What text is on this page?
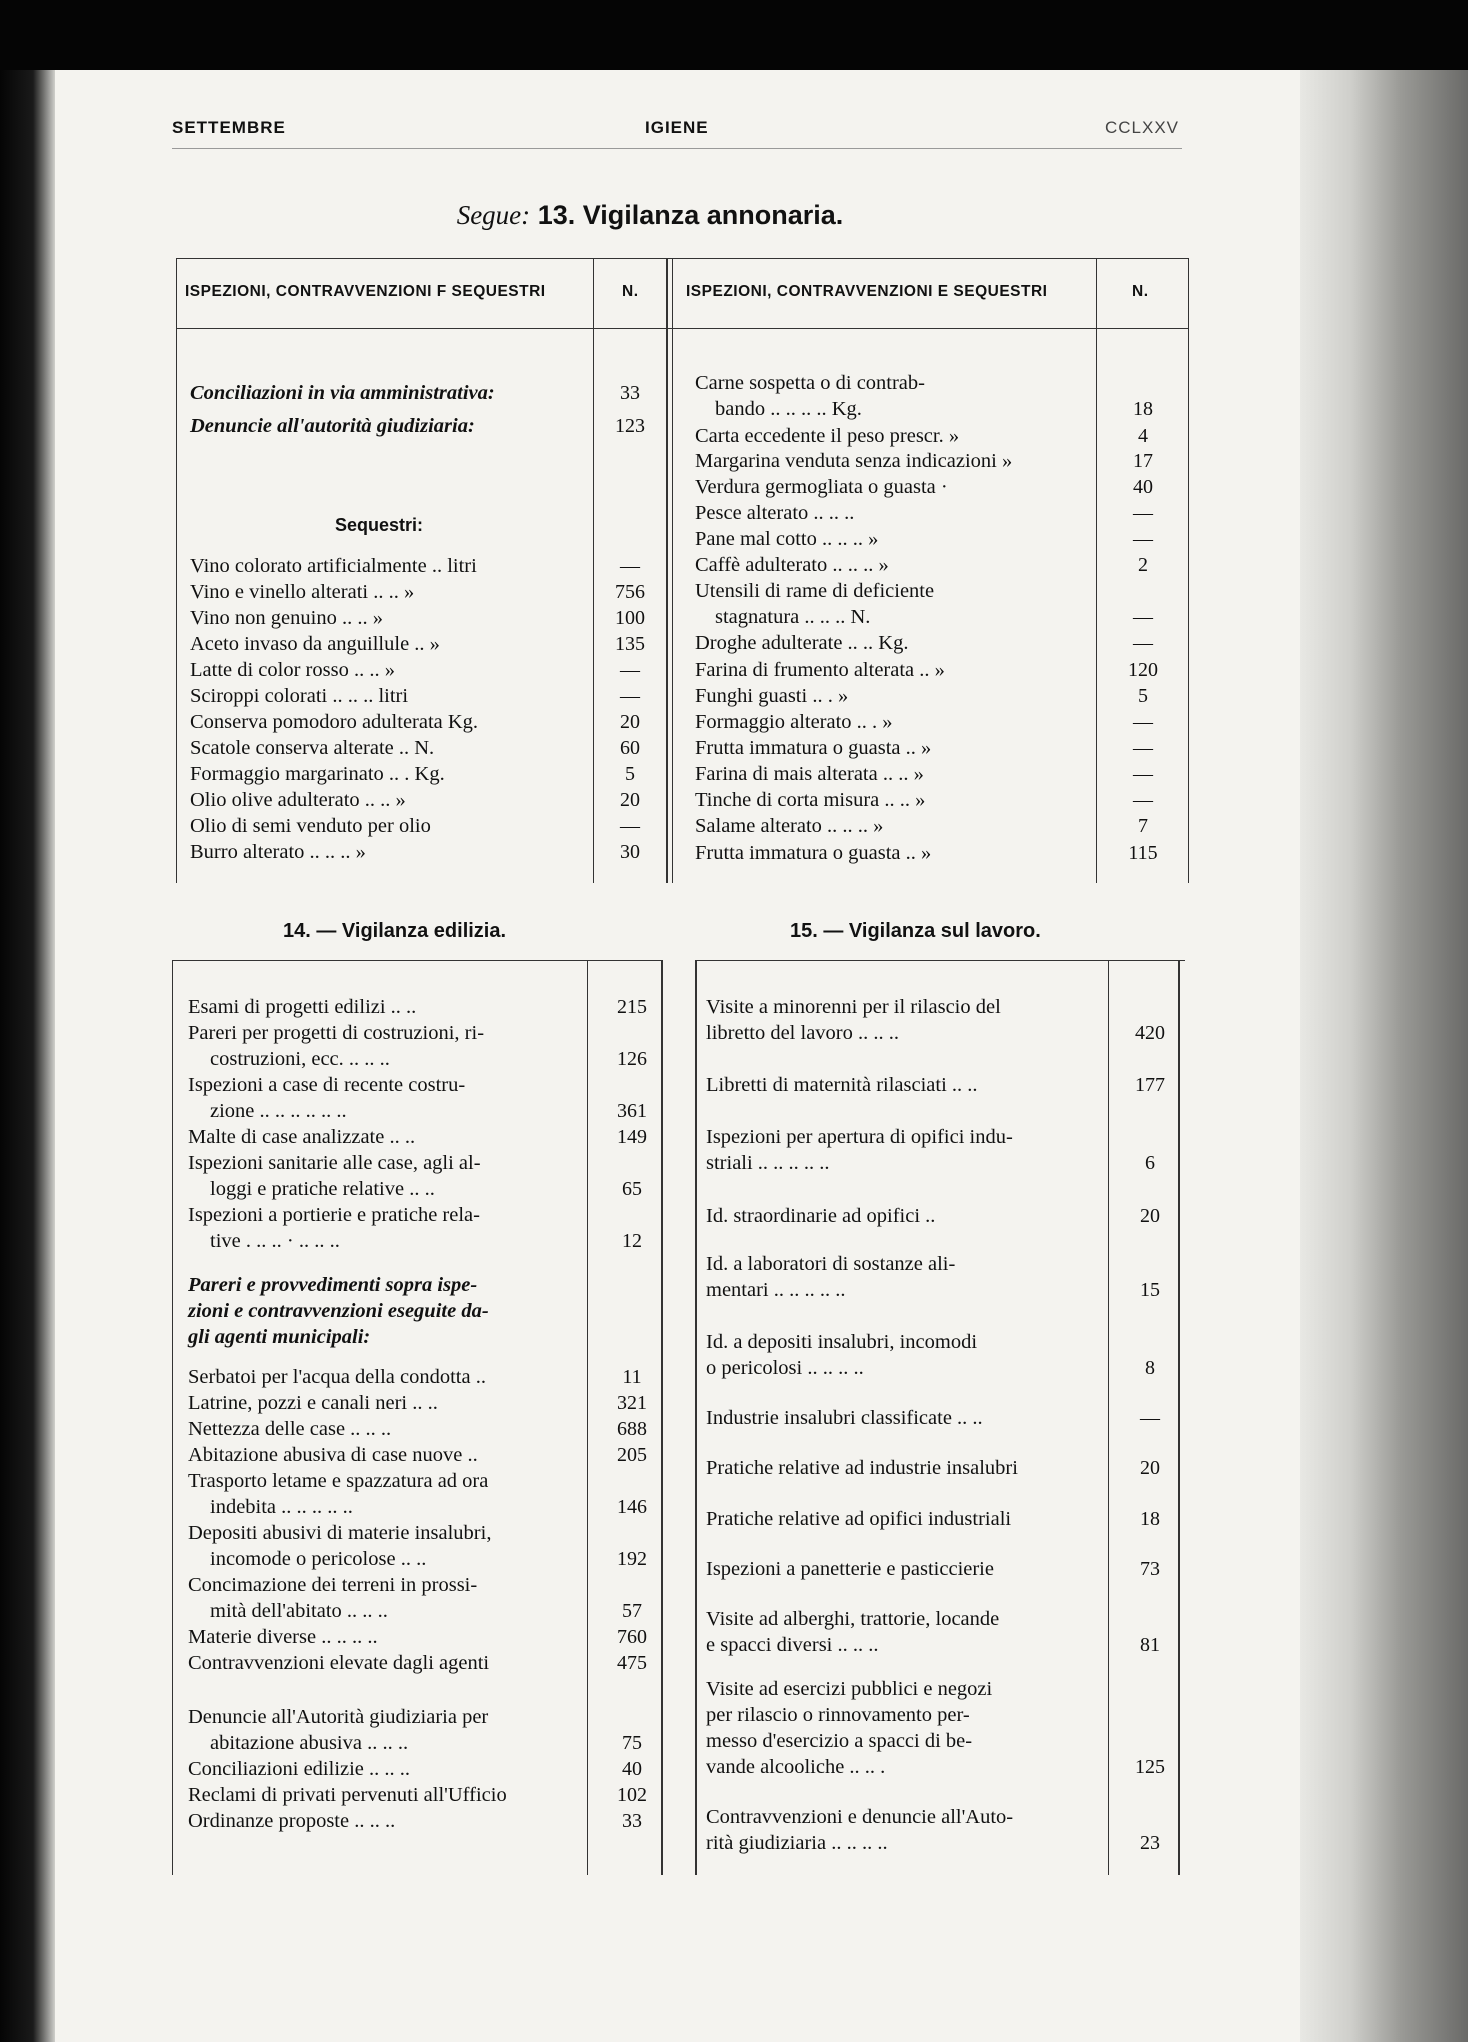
SETTEMBRE	IGIENE	CCLXXV
Segue: 13. Vigilanza annonaria.
ISPEZIONI, CONTRAVVENZIONI F SEQUESTRI	N.	ISPEZIONI, CONTRAVVENZIONI E SEQUESTRI	N.
Conciliazioni in via amministrativa:	33
Denuncie all'autorità giudiziaria:	123
Sequestri:
Vino colorato artificialmente .. litri	—
Vino e vinello alterati .. .. »	756
Vino non genuino .. .. »	100
Aceto invaso da anguillule .. »	135
Latte di color rosso .. .. »	—
Sciroppi colorati .. .. .. litri	—
Conserva pomodoro adulterata Kg.	20
Scatole conserva alterate .. N.	60
Formaggio margarinato .. . Kg.	5
Olio olive adulterato .. .. »	20
Olio di semi venduto per olio	—
Burro alterato .. .. .. »	30
Carne sospetta o di contrab-
bando .. .. .. .. Kg.	18
Carta eccedente il peso prescr. »	4
Margarina venduta senza indicazioni »	17
Verdura germogliata o guasta ·	40
Pesce alterato .. .. ..	—
Pane mal cotto .. .. .. »	—
Caffè adulterato .. .. .. »	2
Utensili di rame di deficiente
stagnatura .. .. .. N.	—
Droghe adulterate .. .. Kg.	—
Farina di frumento alterata .. »	120
Funghi guasti .. . »	5
Formaggio alterato .. . »	—
Frutta immatura o guasta .. »	—
Farina di mais alterata .. .. »	—
Tinche di corta misura .. .. »	—
Salame alterato .. .. .. »	7
Frutta immatura o guasta .. »	115
14. — Vigilanza edilizia.	15. — Vigilanza sul lavoro.
Esami di progetti edilizi .. ..	215
Pareri per progetti di costruzioni, ri-
costruzioni, ecc. .. .. ..	126
Ispezioni a case di recente costru-
zione .. .. .. .. .. ..	361
Malte di case analizzate .. ..	149
Ispezioni sanitarie alle case, agli al-
loggi e pratiche relative .. ..	65
Ispezioni a portierie e pratiche rela-
tive . .. .. · .. .. ..	12
Pareri e provvedimenti sopra ispe-
zioni e contravvenzioni eseguite da-
gli agenti municipali:
Serbatoi per l'acqua della condotta ..	11
Latrine, pozzi e canali neri .. ..	321
Nettezza delle case .. .. ..	688
Abitazione abusiva di case nuove ..	205
Trasporto letame e spazzatura ad ora
indebita .. .. .. .. ..	146
Depositi abusivi di materie insalubri,
incomode o pericolose .. ..	192
Concimazione dei terreni in prossi-
mità dell'abitato .. .. ..	57
Materie diverse .. .. .. ..	760
Contravvenzioni elevate dagli agenti	475
Denuncie all'Autorità giudiziaria per
abitazione abusiva .. .. ..	75
Conciliazioni edilizie .. .. ..	40
Reclami di privati pervenuti all'Ufficio	102
Ordinanze proposte .. .. ..	33
Visite a minorenni per il rilascio del
libretto del lavoro .. .. ..	420
Libretti di maternità rilasciati .. ..	177
Ispezioni per apertura di opifici indu-
striali .. .. .. .. ..	6
Id. straordinarie ad opifici ..	20
Id. a laboratori di sostanze ali-
mentari .. .. .. .. ..	15
Id. a depositi insalubri, incomodi
o pericolosi .. .. .. ..	8
Industrie insalubri classificate .. ..	—
Pratiche relative ad industrie insalubri	20
Pratiche relative ad opifici industriali	18
Ispezioni a panetterie e pasticcierie	73
Visite ad alberghi, trattorie, locande
e spacci diversi .. .. ..	81
Visite ad esercizi pubblici e negozi
per rilascio o rinnovamento per-
messo d'esercizio a spacci di be-
vande alcooliche .. .. .	125
Contravvenzioni e denuncie all'Auto-
rità giudiziaria .. .. .. ..	23
